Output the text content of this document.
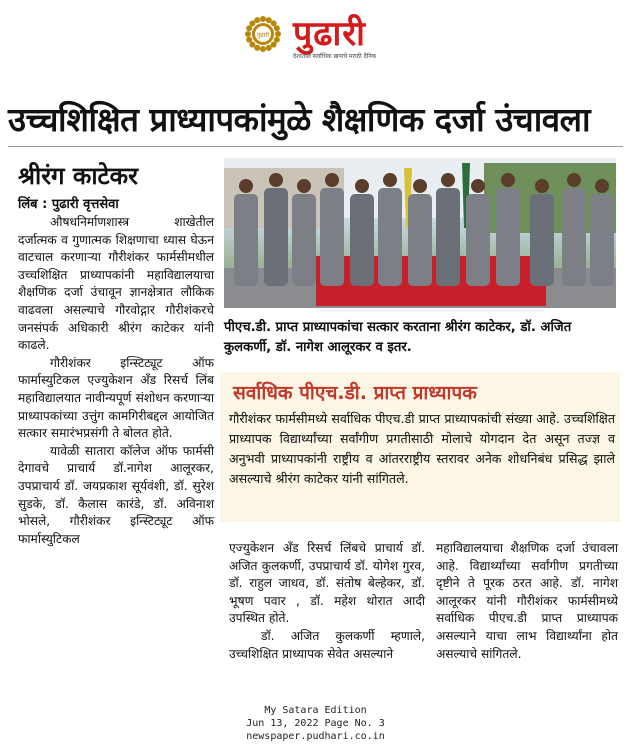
पुढारी पुढारी
देशातील सर्वाधिक खपाचे मराठी दैनिक
उच्चशिक्षित प्राध्यापकांमुळे शैक्षणिक दर्जा उंचावला
श्रीरंग काटेकर
लिंब : पुढारी वृत्तसेवा

औषधनिर्माणशास्त्र शाखेतील दर्जात्मक व गुणात्मक शिक्षणाचा ध्यास घेऊन वाटचाल करणाऱ्या गौरीशंकर फार्मसीमधील उच्चशिक्षित प्राध्यापकांनी महाविद्यालयाचा शैक्षणिक दर्जा उंचावून ज्ञानक्षेत्रात लौकिक वाढवला असल्याचे गौरवोद्गार गौरीशंकरचे जनसंपर्क अधिकारी श्रीरंग काटेकर यांनी काढले.

गौरीशंकर इन्स्टिट्यूट ऑफ फार्मास्युटिकल एज्युकेशन अँड रिसर्च लिंब महाविद्यालयात नावीन्यपूर्ण संशोधन करणाऱ्या प्राध्यापकांच्या उत्तुंग कामगिरीबद्दल आयोजित सत्कार समारंभप्रसंगी ते बोलत होते.

यावेळी सातारा कॉलेज ऑफ फार्मसी देगावचे प्राचार्य डॉ.नागेश आलूरकर, उपप्राचार्य डॉ. जयप्रकाश सूर्यवंशी, डॉ. सुरेश सुडके, डॉ. कैलास कारंडे, डॉ. अविनाश भोसले, गौरीशंकर इन्स्टिट्यूट ऑफ फार्मास्युटिकल

पीएच.डी. प्राप्त प्राध्यापकांचा सत्कार करताना श्रीरंग काटेकर, डॉ. अजित कुलकर्णी, डॉ. नागेश आलूरकर व इतर.
सर्वाधिक पीएच.डी. प्राप्त प्राध्यापक
गौरीशंकर फार्मसीमध्ये सर्वाधिक पीएच.डी प्राप्त प्राध्यापकांची संख्या आहे. उच्चशिक्षित प्राध्यापक विद्यार्थ्यांच्या सर्वांगीण प्रगतीसाठी मोलाचे योगदान देत असून तज्ज्ञ व अनुभवी प्राध्यापकांनी राष्ट्रीय व आंतरराष्ट्रीय स्तरावर अनेक शोधनिबंध प्रसिद्ध झाले असल्याचे श्रीरंग काटेकर यांनी सांगितले.

एज्युकेशन अँड रिसर्च लिंबचे प्राचार्य डॉ. अजित कुलकर्णी, उपप्राचार्य डॉ. योगेश गुरव, डॉ. राहुल जाधव, डॉ. संतोष बेल्हेकर, डॉ. भूषण पवार , डॉ. महेश थोरात आदी उपस्थित होते.

डॉ. अजित कुलकर्णी म्हणाले, उच्चशिक्षित प्राध्यापक सेवेत असल्याने

महाविद्यालयाचा शैक्षणिक दर्जा उंचावला आहे. विद्यार्थ्यांच्या सर्वांगीण प्रगतीच्या दृष्टीने ते पूरक ठरत आहे. डॉ. नागेश आलूरकर यांनी गौरीशंकर फार्मसीमध्ये सर्वाधिक पीएच.डी प्राप्त प्राध्यापक असल्याने याचा लाभ विद्यार्थ्यांना होत असल्याचे सांगितले.

My Satara Edition
Jun 13, 2022 Page No. 3
newspaper.pudhari.co.in
